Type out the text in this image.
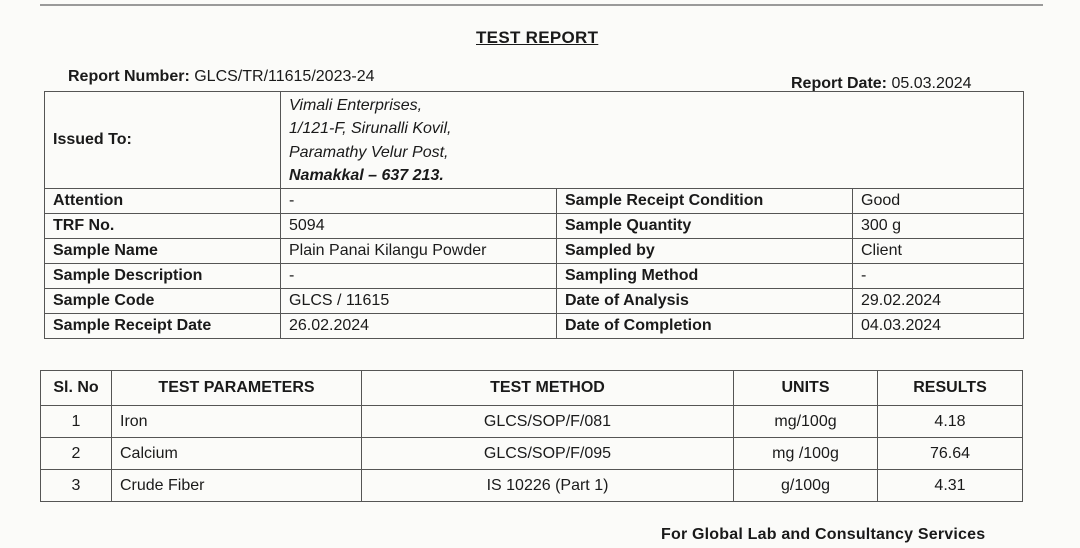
TEST REPORT
Report Number: GLCS/TR/11615/2023-24	Report Date: 05.03.2024
Issued To:	Vimali Enterprises,
1/121-F, Sirunalli Kovil,
Paramathy Velur Post,
Namakkal – 637 213.		

Attention	-	Sample Receipt Condition	Good
TRF No.	5094	Sample Quantity	300 g
Sample Name	Plain Panai Kilangu Powder	Sampled by	Client
Sample Description	-	Sampling Method	-
Sample Code	GLCS / 11615	Date of Analysis	29.02.2024
Sample Receipt Date	26.02.2024	Date of Completion	04.03.2024
Sl. No	TEST PARAMETERS	TEST METHOD	UNITS	RESULTS
1	Iron	GLCS/SOP/F/081	mg/100g	4.18
2	Calcium	GLCS/SOP/F/095	mg /100g	76.64
3	Crude Fiber	IS 10226 (Part 1)	g/100g	4.31
For Global Lab and Consultancy Services
